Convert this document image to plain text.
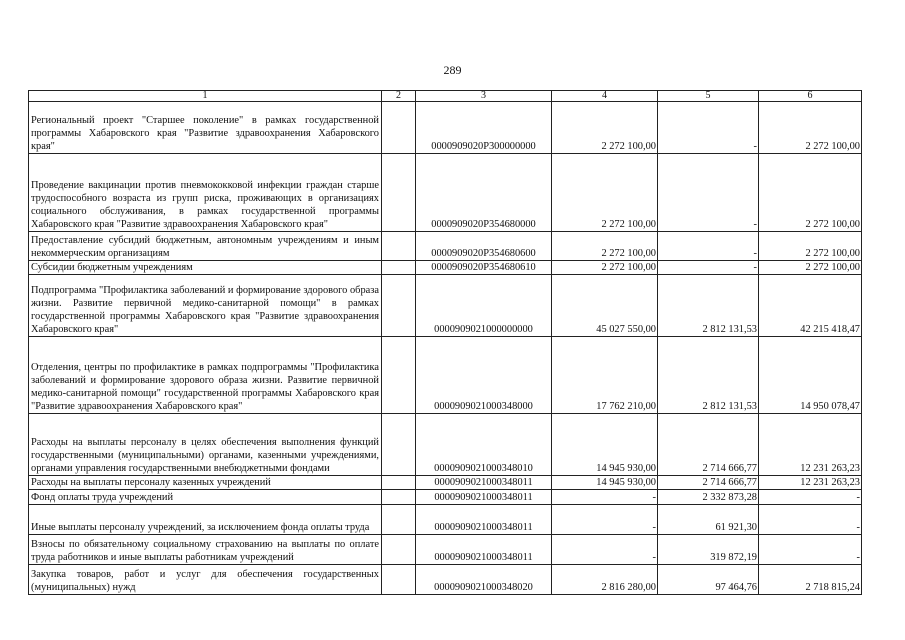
289
1	2	3	4	5	6
Региональный проект "Старшее поколение" в рамках государственной программы Хабаровского края "Развитие здравоохранения Хабаровского края"		0000909020P300000000	2 272 100,00	-	2 272 100,00
Проведение вакцинации против пневмококковой инфекции граждан старше трудоспособного возраста из групп риска, проживающих в организациях социального обслуживания, в рамках государственной программы Хабаровского края "Развитие здравоохранения Хабаровского края"		0000909020P354680000	2 272 100,00	-	2 272 100,00
Предоставление субсидий бюджетным, автономным учреждениям и иным некоммерческим организациям		0000909020P354680600	2 272 100,00	-	2 272 100,00
Субсидии бюджетным учреждениям		0000909020P354680610	2 272 100,00	-	2 272 100,00
Подпрограмма "Профилактика заболеваний и формирование здорового образа жизни. Развитие первичной медико-санитарной помощи" в рамках государственной программы Хабаровского края "Развитие здравоохранения Хабаровского края"		0000909021000000000	45 027 550,00	2 812 131,53	42 215 418,47
Отделения, центры по профилактике в рамках подпрограммы "Профилактика заболеваний и формирование здорового образа жизни. Развитие первичной медико-санитарной помощи" государственной программы Хабаровского края "Развитие здравоохранения Хабаровского края"		0000909021000348000	17 762 210,00	2 812 131,53	14 950 078,47
Расходы на выплаты персоналу в целях обеспечения выполнения функций государственными (муниципальными) органами, казенными учреждениями, органами управления государственными внебюджетными фондами		0000909021000348010	14 945 930,00	2 714 666,77	12 231 263,23
Расходы на выплаты персоналу казенных учреждений		0000909021000348011	14 945 930,00	2 714 666,77	12 231 263,23
Фонд оплаты труда учреждений		0000909021000348011	-	2 332 873,28	-
Иные выплаты персоналу учреждений, за исключением фонда оплаты труда		0000909021000348011	-	61 921,30	-
Взносы по обязательному социальному страхованию на выплаты по оплате труда работников и иные выплаты работникам учреждений		0000909021000348011	-	319 872,19	-
Закупка товаров, работ и услуг для обеспечения государственных (муниципальных) нужд		0000909021000348020	2 816 280,00	97 464,76	2 718 815,24
